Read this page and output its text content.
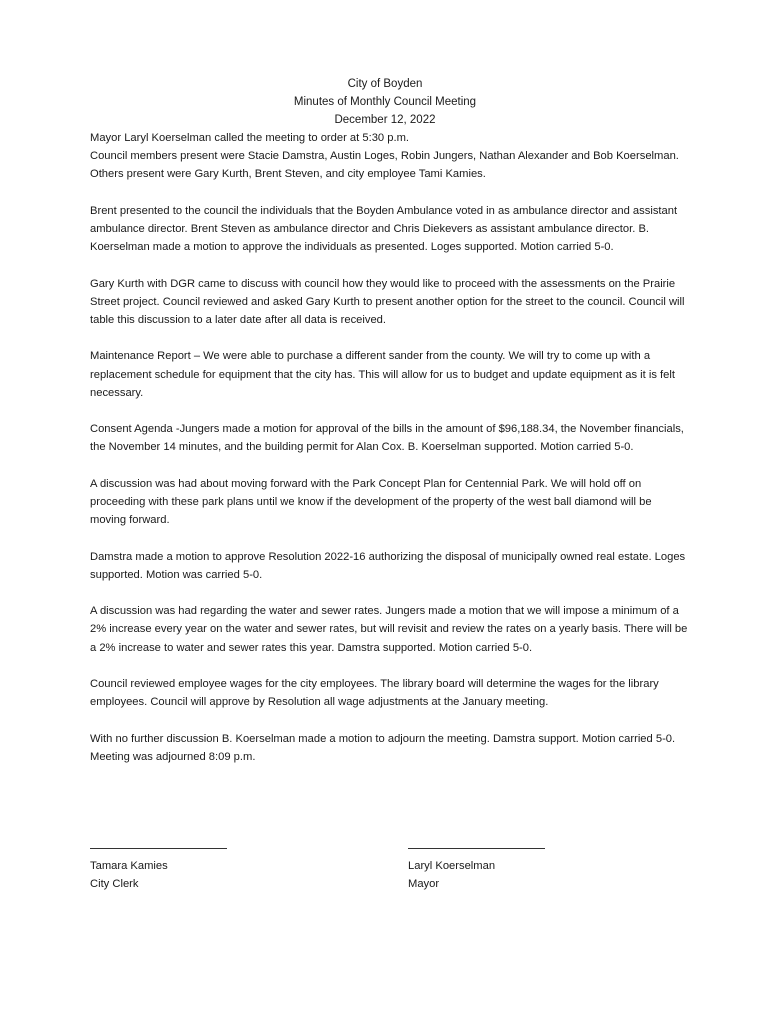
City of Boyden
Minutes of Monthly Council Meeting
December 12, 2022

Mayor Laryl Koerselman called the meeting to order at 5:30 p.m.

Council members present were Stacie Damstra, Austin Loges, Robin Jungers, Nathan Alexander and Bob Koerselman.

Others present were Gary Kurth, Brent Steven, and city employee Tami Kamies.

Brent presented to the council the individuals that the Boyden Ambulance voted in as ambulance director and assistant ambulance director. Brent Steven as ambulance director and Chris Diekevers as assistant ambulance director. B. Koerselman made a motion to approve the individuals as presented. Loges supported. Motion carried 5-0.

Gary Kurth with DGR came to discuss with council how they would like to proceed with the assessments on the Prairie Street project. Council reviewed and asked Gary Kurth to present another option for the street to the council. Council will table this discussion to a later date after all data is received.

Maintenance Report – We were able to purchase a different sander from the county. We will try to come up with a replacement schedule for equipment that the city has. This will allow for us to budget and update equipment as it is felt necessary.

Consent Agenda -Jungers made a motion for approval of the bills in the amount of $96,188.34, the November financials, the November 14 minutes, and the building permit for Alan Cox. B. Koerselman supported. Motion carried 5-0.

A discussion was had about moving forward with the Park Concept Plan for Centennial Park. We will hold off on proceeding with these park plans until we know if the development of the property of the west ball diamond will be moving forward.

Damstra made a motion to approve Resolution 2022-16 authorizing the disposal of municipally owned real estate. Loges supported. Motion was carried 5-0.

A discussion was had regarding the water and sewer rates. Jungers made a motion that we will impose a minimum of a 2% increase every year on the water and sewer rates, but will revisit and review the rates on a yearly basis. There will be a 2% increase to water and sewer rates this year. Damstra supported. Motion carried 5-0.

Council reviewed employee wages for the city employees. The library board will determine the wages for the library employees. Council will approve by Resolution all wage adjustments at the January meeting.

With no further discussion B. Koerselman made a motion to adjourn the meeting. Damstra support. Motion carried 5-0. Meeting was adjourned 8:09 p.m.

Tamara Kamies
City Clerk
Laryl Koerselman
Mayor
